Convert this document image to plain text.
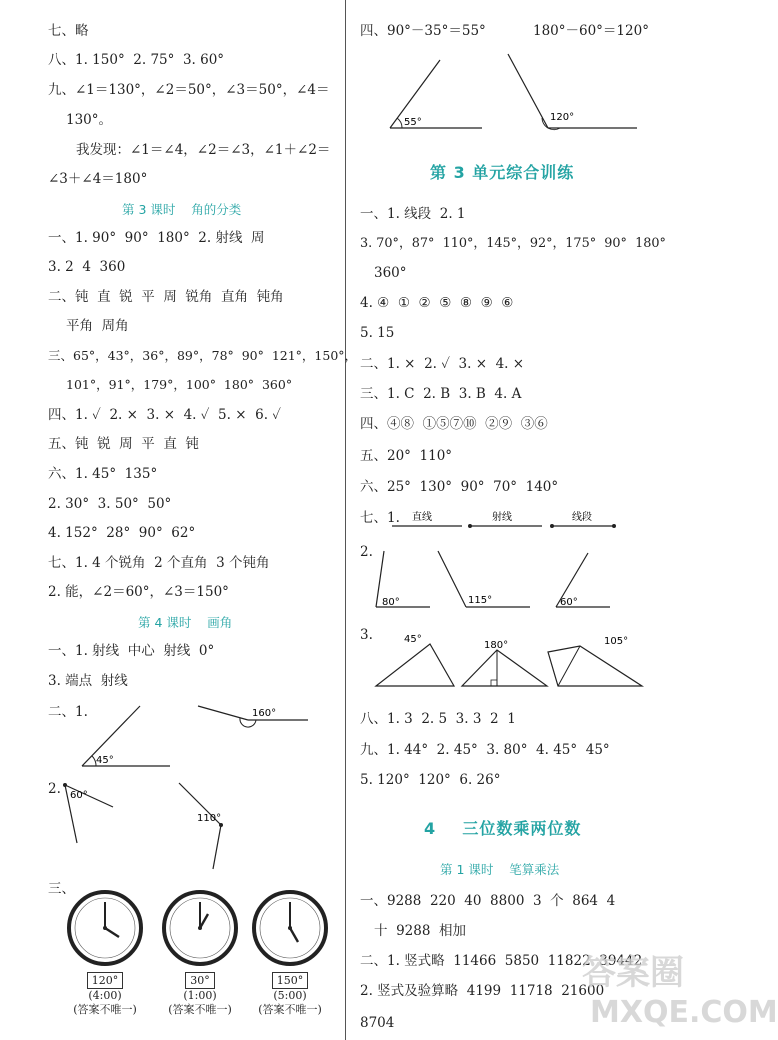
七、略
八、1. 150°  2. 75°  3. 60°
九、∠1＝130°，∠2＝50°，∠3＝50°，∠4＝
130°。
我发现：∠1＝∠4，∠2＝∠3，∠1＋∠2＝
∠3＋∠4＝180°
第 3 课时    角的分类
一、1. 90°  90°  180°  2. 射线  周
3. 2  4  360
二、钝  直  锐  平  周  锐角  直角  钝角
平角  周角
三、65°，43°，36°，89°，78°  90°  121°，150°，
101°，91°，179°，100°  180°  360°
四、1. ✓  2. ×  3. ×  4. ✓  5. ×  6. ✓
五、钝  锐  周  平  直  钝
六、1. 45°  135°
2. 30°  3. 50°  50°
4. 152°  28°  90°  62°
七、1. 4 个锐角  2 个直角  3 个钝角
2. 能，∠2＝60°，∠3＝150°
第 4 课时    画角
一、1. 射线  中心  射线  0°
3. 端点  射线
二、1.
2.
三、
45°
160°
60°
110°
120°
(4:00)
(答案不唯一)
30°
(1:00)
(答案不唯一)
150°
(5:00)
(答案不唯一)
四、90°－35°＝55°           180°－60°＝120°
55°	120°
第 3 单元综合训练
一、1. 线段  2. 1
3. 70°，87°  110°，145°，92°，175°  90°  180°
360°
4. ④  ①  ②  ⑤  ⑧  ⑨  ⑥
5. 15
二、1. ×  2. ✓  3. ×  4. ×
三、1. C  2. B  3. B  4. A
四、④⑧  ①⑤⑦⑩  ②⑨  ③⑥
五、20°  110°
六、25°  130°  90°  70°  140°
七、1. 直线	射线	线段
2.
80°	115°	60°
3.	45°
180°	105°
八、1. 3  2. 5  3. 3  2  1
九、1. 44°  2. 45°  3. 80°  4. 45°  45°
5. 120°  120°  6. 26°
4    三位数乘两位数
第 1 课时    笔算乘法
一、9288  220  40  8800  3  个  864  4
十  9288  相加
二、1. 竖式略  11466  5850  11822  39442
2. 竖式及验算略  4199  11718  21600
8704
答案圈
MXQE.COM
